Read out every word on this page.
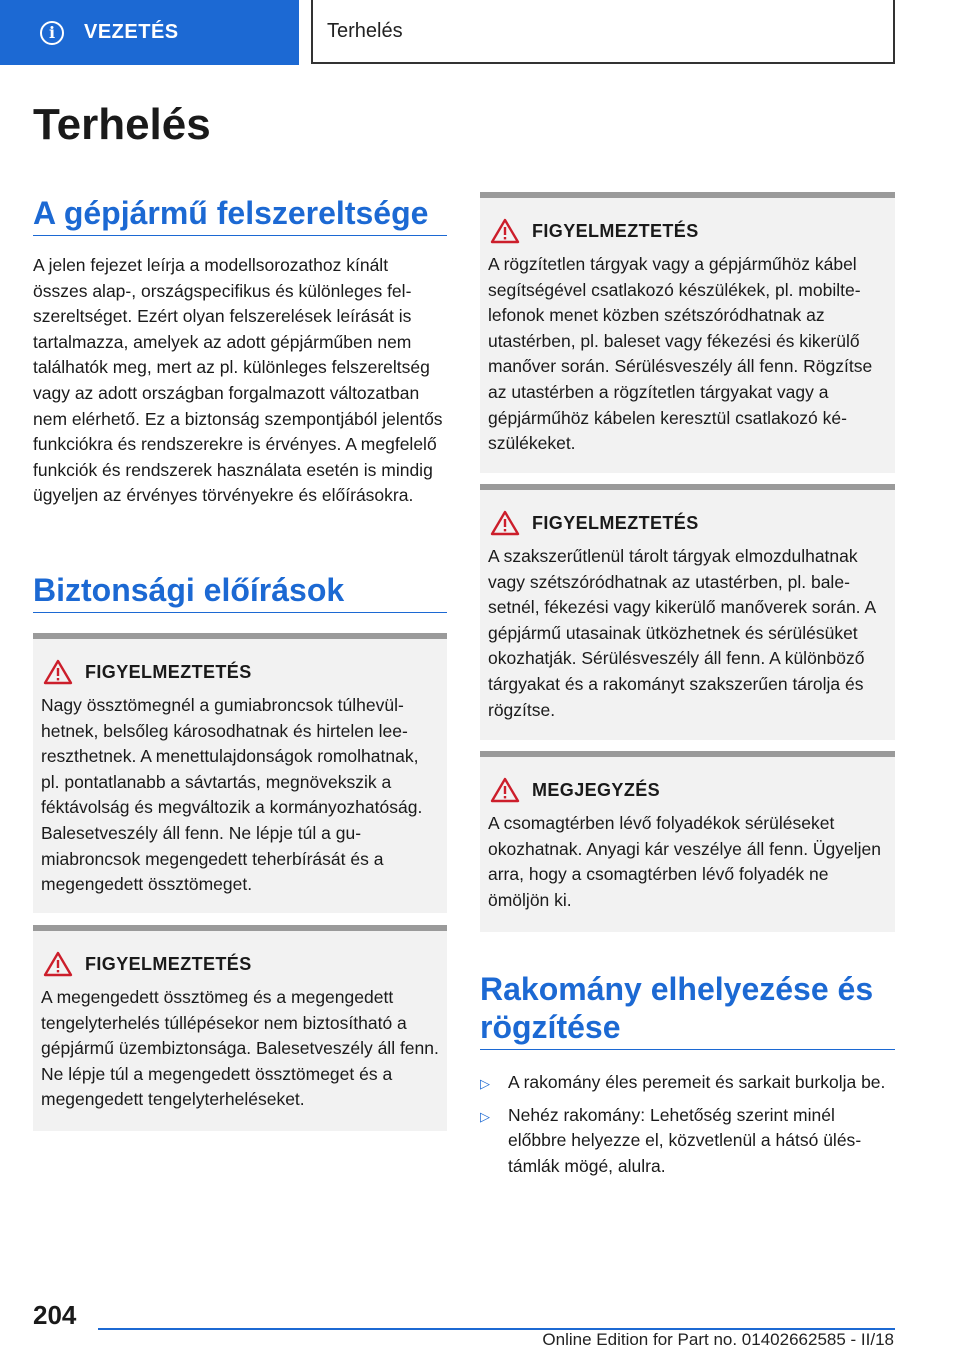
i	VEZETÉS	Terhelés
Terhelés
A gépjármű felszereltsége

A jelen fejezet leírja a modellsorozathoz kínált összes alap-, országspecifikus és különleges felszereltséget. Ezért olyan felszerelések leírását is tartalmazza, amelyek az adott gépjárműben nem találhatók meg, mert az pl. különleges felszereltség vagy az adott országban forgalmazott változatban nem elérhető. Ez a biztonság szempontjából jelentős funkciókra és rendszerekre is érvényes. A megfelelő funkciók és rendszerek használata esetén is mindig ügyeljen az érvényes törvényekre és előírásokra.

Biztonsági előírások
FIGYELMEZTETÉS

Nagy össztömegnél a gumiabroncsok túlhevülhetnek, belsőleg károsodhatnak és hirtelen leereszthetnek. A menettulajdonságok romolhatnak, pl. pontatlanabb a sávtartás, megnövekszik a féktávolság és megváltozik a kormányozhatóság. Balesetveszély áll fenn. Ne lépje túl a gumiabroncsok megengedett teherbírását és a megengedett össztömeget.

FIGYELMEZTETÉS

A megengedett össztömeg és a megengedett tengelyterhelés túllépésekor nem biztosítható a gépjármű üzembiztonsága. Balesetveszély áll fenn. Ne lépje túl a megengedett össztömeget és a megengedett tengelyterheléseket.

FIGYELMEZTETÉS

A rögzítetlen tárgyak vagy a gépjárműhöz kábel segítségével csatlakozó készülékek, pl. mobiltelefonok menet közben szétszóródhatnak az utastérben, pl. baleset vagy fékezési és kikerülő manőver során. Sérülésveszély áll fenn. Rögzítse az utastérben a rögzítetlen tárgyakat vagy a gépjárműhöz kábelen keresztül csatlakozó készülékeket.

FIGYELMEZTETÉS

A szakszerűtlenül tárolt tárgyak elmozdulhatnak vagy szétszóródhatnak az utastérben, pl. balesetnél, fékezési vagy kikerülő manőverek során. A gépjármű utasainak ütközhetnek és sérülésüket okozhatják. Sérülésveszély áll fenn. A különböző tárgyakat és a rakományt szakszerűen tárolja és rögzítse.

MEGJEGYZÉS

A csomagtérben lévő folyadékok sérüléseket okozhatnak. Anyagi kár veszélye áll fenn. Ügyeljen arra, hogy a csomagtérben lévő folyadék ne ömöljön ki.

Rakomány elhelyezése és rögzítése
▷	A rakomány éles peremeit és sarkait burkolja be.
▷	Nehéz rakomány: Lehetőség szerint minél előbbre helyezze el, közvetlenül a hátsó üléstámlák mögé, alulra.
204
Online Edition for Part no. 01402662585 - II/18
